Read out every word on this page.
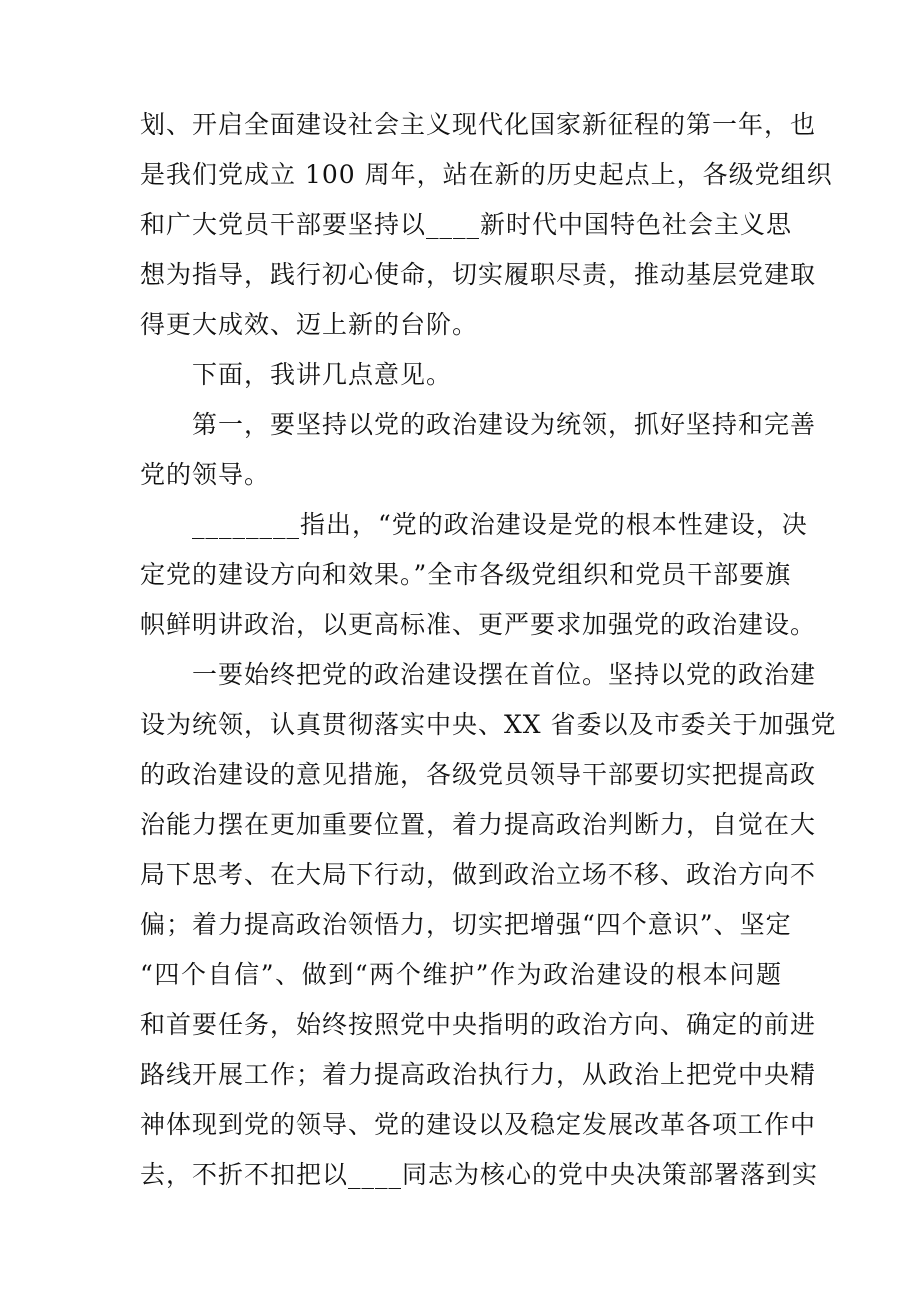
划、开启全面建设社会主义现代化国家新征程的第一年，也
是我们党成立 100 周年，站在新的历史起点上，各级党组织
和广大党员干部要坚持以____新时代中国特色社会主义思
想为指导，践行初心使命，切实履职尽责，推动基层党建取
得更大成效、迈上新的台阶。
下面，我讲几点意见。
第一，要坚持以党的政治建设为统领，抓好坚持和完善
党的领导。
________指出，“党的政治建设是党的根本性建设，决
定党的建设方向和效果。”全市各级党组织和党员干部要旗
帜鲜明讲政治，以更高标准、更严要求加强党的政治建设。
一要始终把党的政治建设摆在首位。坚持以党的政治建
设为统领，认真贯彻落实中央、XX 省委以及市委关于加强党
的政治建设的意见措施，各级党员领导干部要切实把提高政
治能力摆在更加重要位置，着力提高政治判断力，自觉在大
局下思考、在大局下行动，做到政治立场不移、政治方向不
偏；着力提高政治领悟力，切实把增强“四个意识”、坚定
“四个自信”、做到“两个维护”作为政治建设的根本问题
和首要任务，始终按照党中央指明的政治方向、确定的前进
路线开展工作；着力提高政治执行力，从政治上把党中央精
神体现到党的领导、党的建设以及稳定发展改革各项工作中
去，不折不扣把以____同志为核心的党中央决策部署落到实
